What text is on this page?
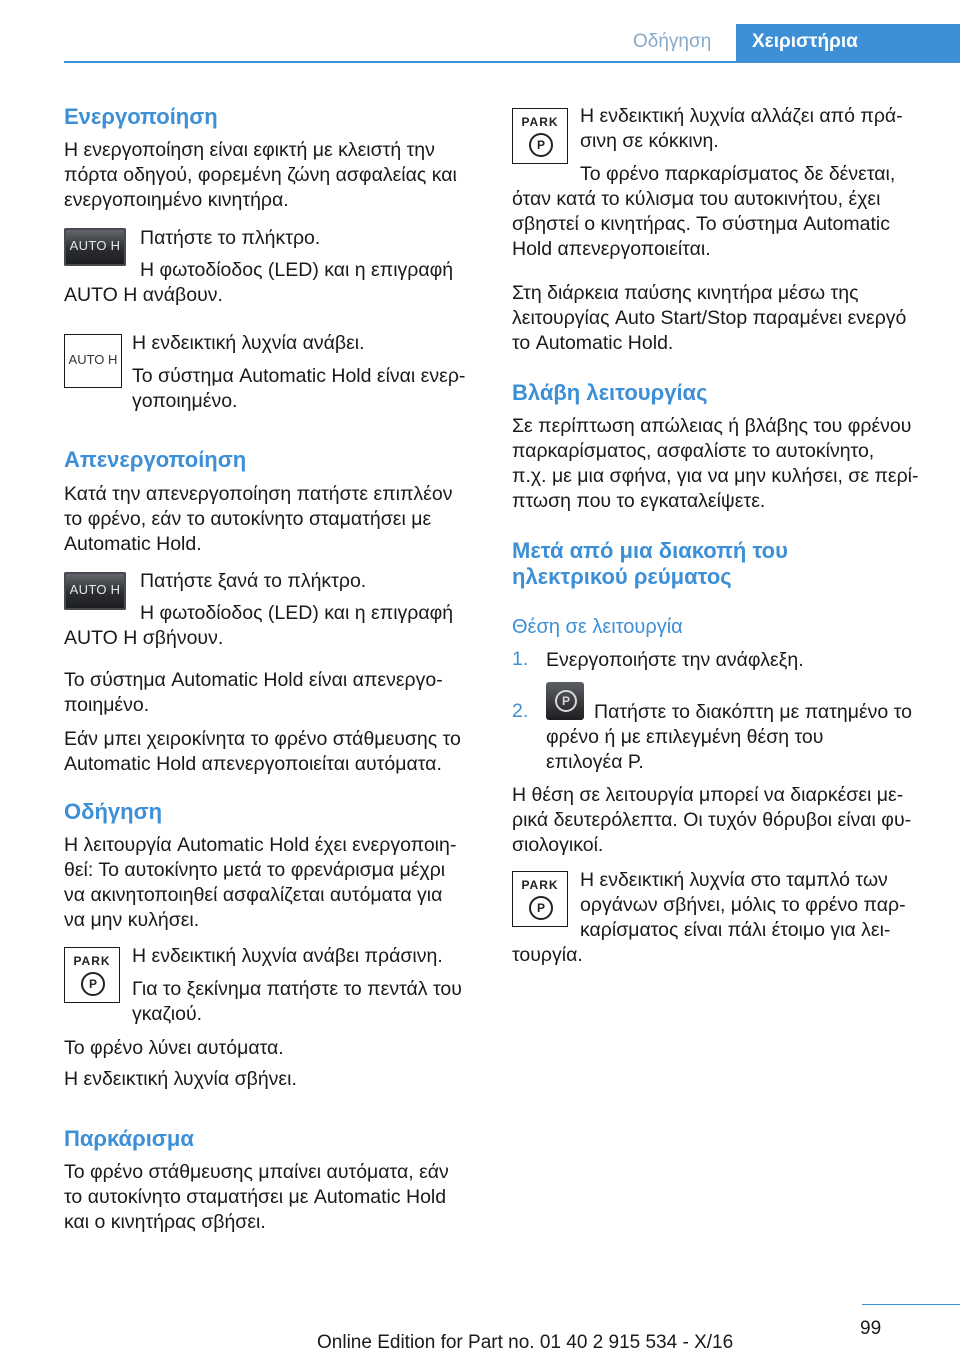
Οδήγηση Χειριστήρια
Ενεργοποίηση

Η ενεργοποίηση είναι εφικτή με κλειστή την

πόρτα οδηγού, φορεμένη ζώνη ασφαλείας και

ενεργοποιημένο κινητήρα.

AUTO H Πατήστε το πλήκτρο.

Η φωτοδίοδος (LED) και η επιγραφή

AUTO H ανάβουν.

AUTO H

Η ενδεικτική λυχνία ανάβει.

Το σύστημα Automatic Hold είναι ενερ‐

γοποιημένο.

Απενεργοποίηση

Κατά την απενεργοποίηση πατήστε επιπλέον

το φρένο, εάν το αυτοκίνητο σταματήσει με

Automatic Hold.

AUTO H Πατήστε ξανά το πλήκτρο.

Η φωτοδίοδος (LED) και η επιγραφή

AUTO H σβήνουν.

Το σύστημα Automatic Hold είναι απενεργο‐

ποιημένο.

Εάν μπει χειροκίνητα το φρένο στάθμευσης το

Automatic Hold απενεργοποιείται αυτόματα.

Οδήγηση

Η λειτουργία Automatic Hold έχει ενεργοποιη‐

θεί: Το αυτοκίνητο μετά το φρενάρισμα μέχρι

να ακινητοποιηθεί ασφαλίζεται αυτόματα για

να μην κυλήσει.

PARK
P

Η ενδεικτική λυχνία ανάβει πράσινη.

Για το ξεκίνημα πατήστε το πεντάλ του

γκαζιού.

Το φρένο λύνει αυτόματα.

Η ενδεικτική λυχνία σβήνει.

Παρκάρισμα

Το φρένο στάθμευσης μπαίνει αυτόματα, εάν

το αυτοκίνητο σταματήσει με Automatic Hold

και ο κινητήρας σβήσει.

PARK
P

Η ενδεικτική λυχνία αλλάζει από πρά‐

σινη σε κόκκινη.

Το φρένο παρκαρίσματος δε δένεται,

όταν κατά το κύλισμα του αυτοκινήτου, έχει

σβηστεί ο κινητήρας. Το σύστημα Automatic

Hold απενεργοποιείται.

Στη διάρκεια παύσης κινητήρα μέσω της

λειτουργίας Auto Start/Stop παραμένει ενεργό

το Automatic Hold.

Βλάβη λειτουργίας

Σε περίπτωση απώλειας ή βλάβης του φρένου

παρκαρίσματος, ασφαλίστε το αυτοκίνητο,

π.χ. με μια σφήνα, για να μην κυλήσει, σε περί‐

πτωση που το εγκαταλείψετε.

Μετά από μια διακοπή του
ηλεκτρικού ρεύματος
Θέση σε λειτουργία
1. Ενεργοποιήστε την ανάφλεξη.

2.	P	Πατήστε το διακόπτη με πατημένο το

φρένο ή με επιλεγμένη θέση του

επιλογέα P.

Η θέση σε λειτουργία μπορεί να διαρκέσει με‐

ρικά δευτερόλεπτα. Οι τυχόν θόρυβοι είναι φυ‐

σιολογικοί.

PARK
P

Η ενδεικτική λυχνία στο ταμπλό των

οργάνων σβήνει, μόλις το φρένο παρ‐

καρίσματος είναι πάλι έτοιμο για λει‐

τουργία.

99
Online Edition for Part no. 01 40 2 915 534 - X/16
